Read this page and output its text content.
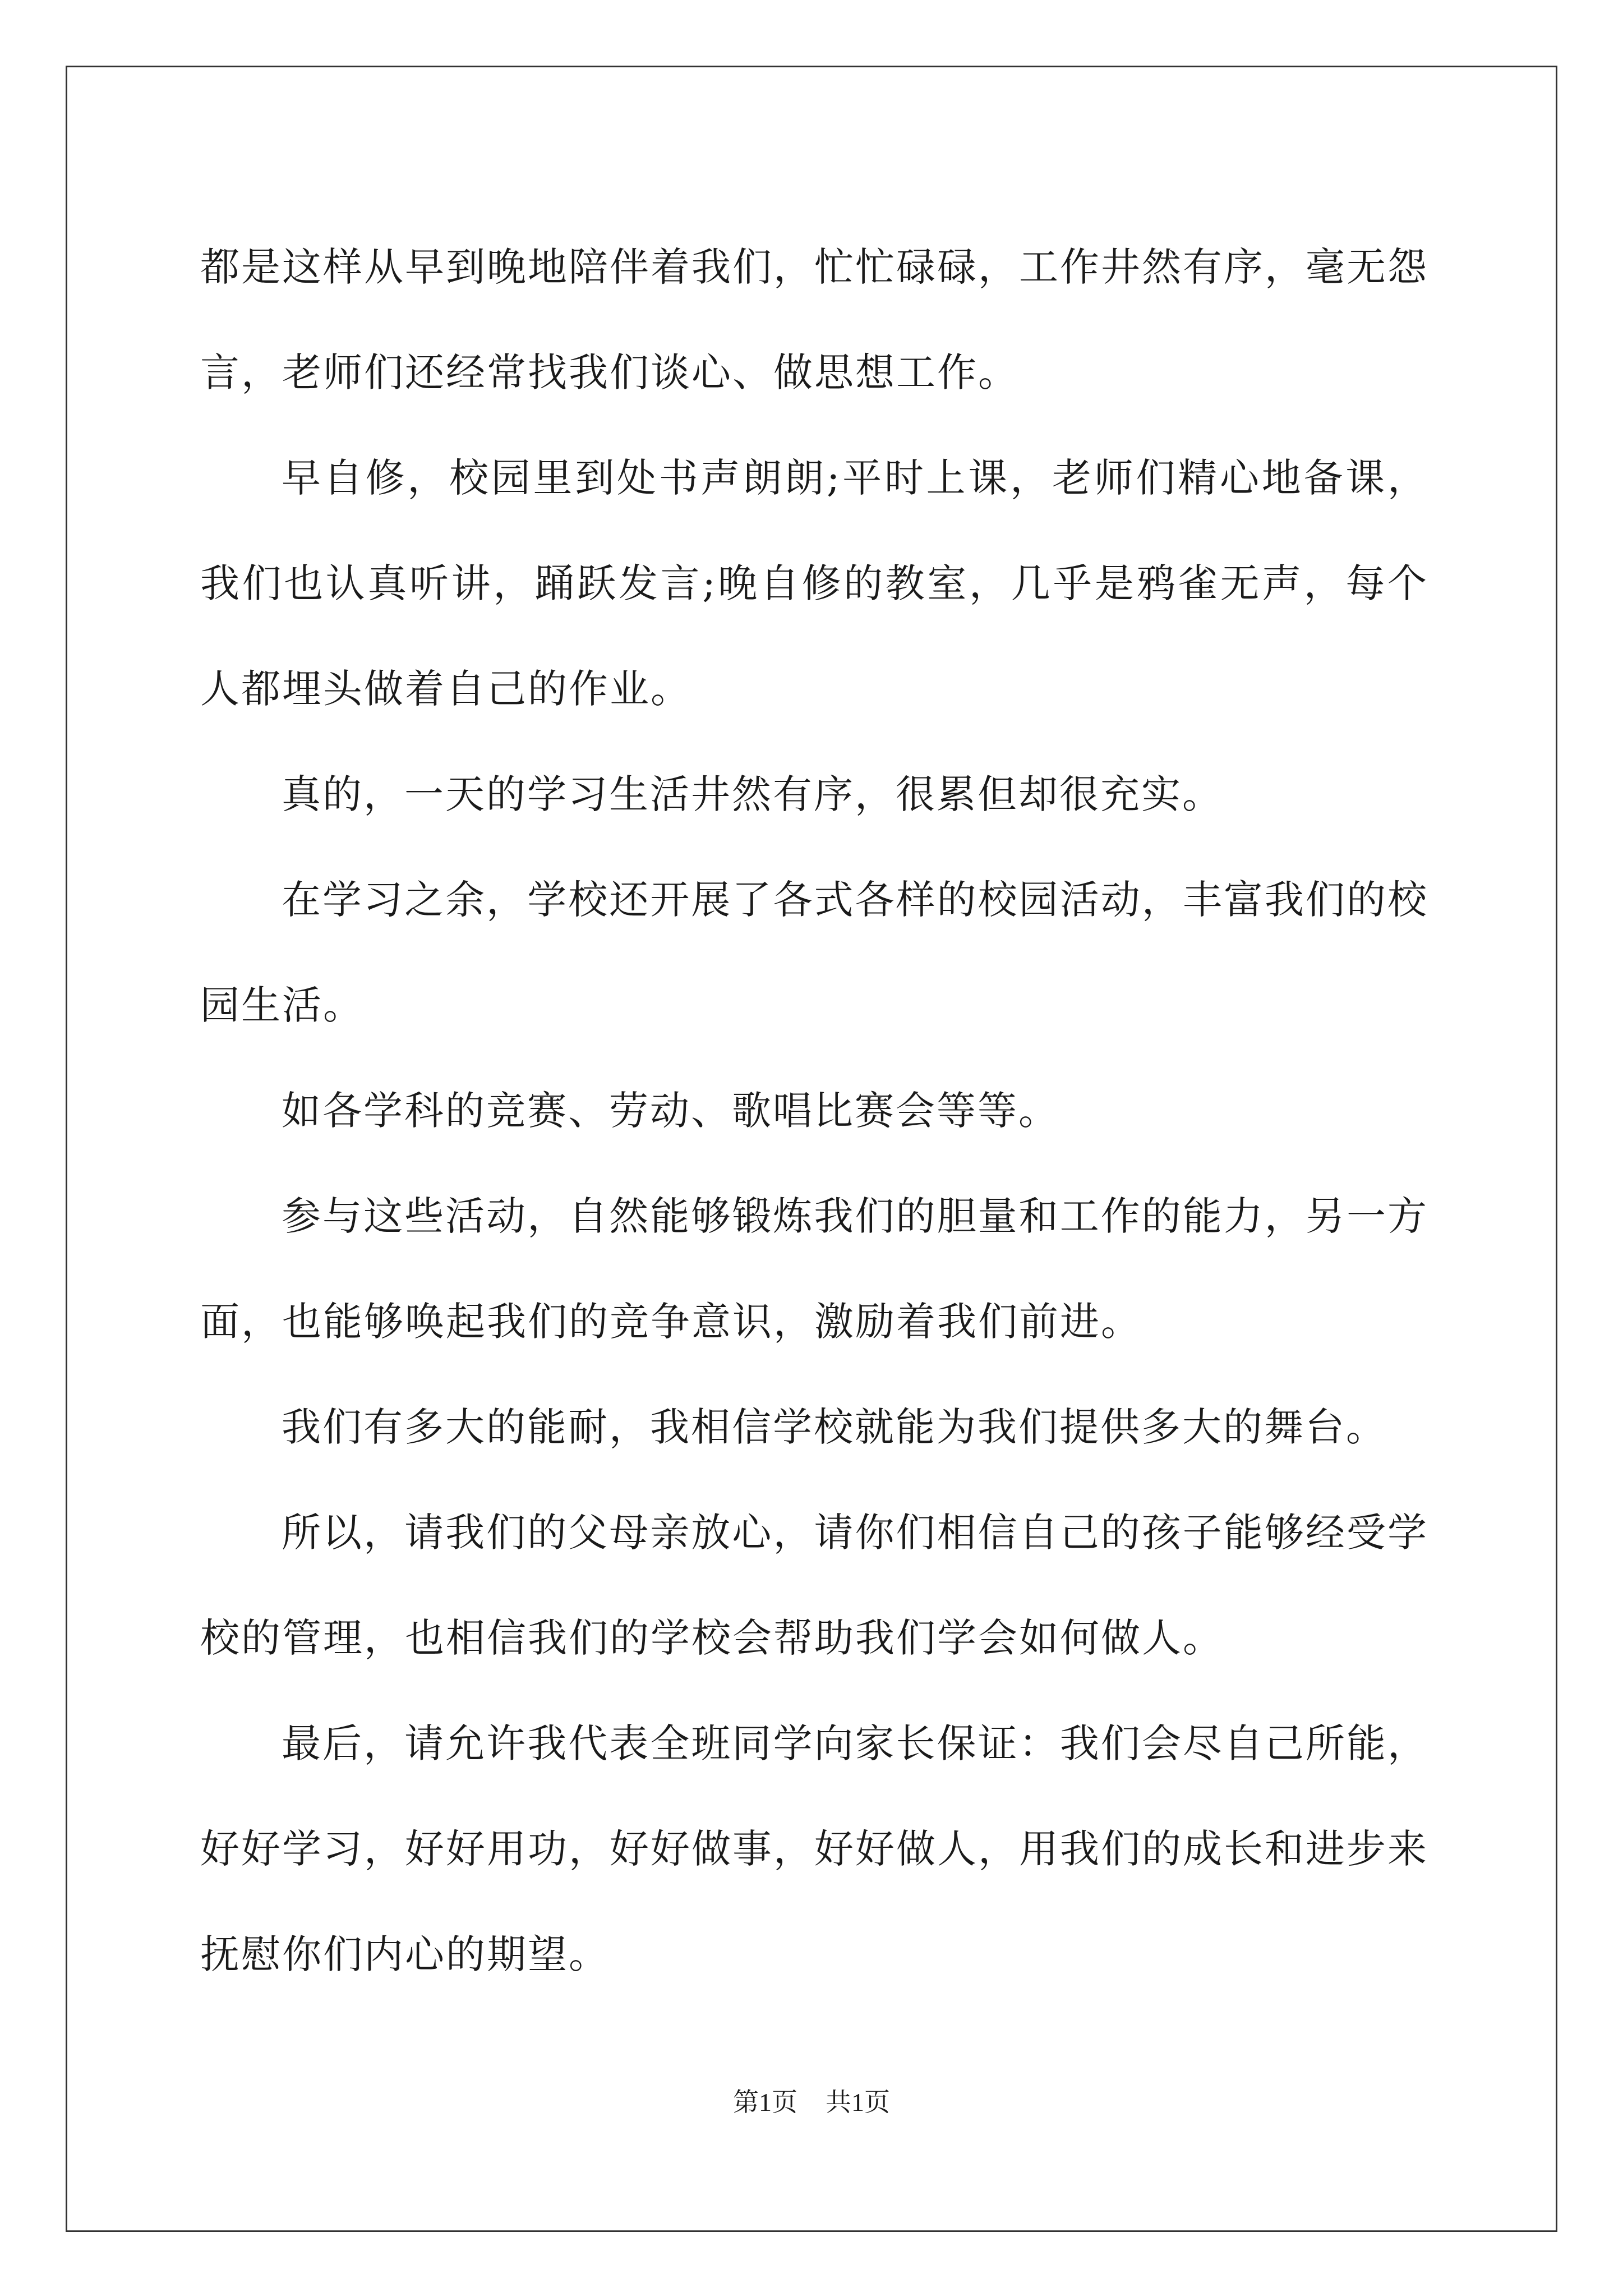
都是这样从早到晚地陪伴着我们，忙忙碌碌，工作井然有序，毫无怨言，老师们还经常找我们谈心、做思想工作。

早自修，校园里到处书声朗朗;平时上课，老师们精心地备课，我们也认真听讲，踊跃发言;晚自修的教室，几乎是鸦雀无声，每个人都埋头做着自己的作业。

真的，一天的学习生活井然有序，很累但却很充实。

在学习之余，学校还开展了各式各样的校园活动，丰富我们的校园生活。

如各学科的竞赛、劳动、歌唱比赛会等等。

参与这些活动，自然能够锻炼我们的胆量和工作的能力，另一方面，也能够唤起我们的竞争意识，激励着我们前进。

我们有多大的能耐，我相信学校就能为我们提供多大的舞台。

所以，请我们的父母亲放心，请你们相信自己的孩子能够经受学校的管理，也相信我们的学校会帮助我们学会如何做人。

最后，请允许我代表全班同学向家长保证：我们会尽自己所能，好好学习，好好用功，好好做事，好好做人，用我们的成长和进步来抚慰你们内心的期望。

第1页 共1页
